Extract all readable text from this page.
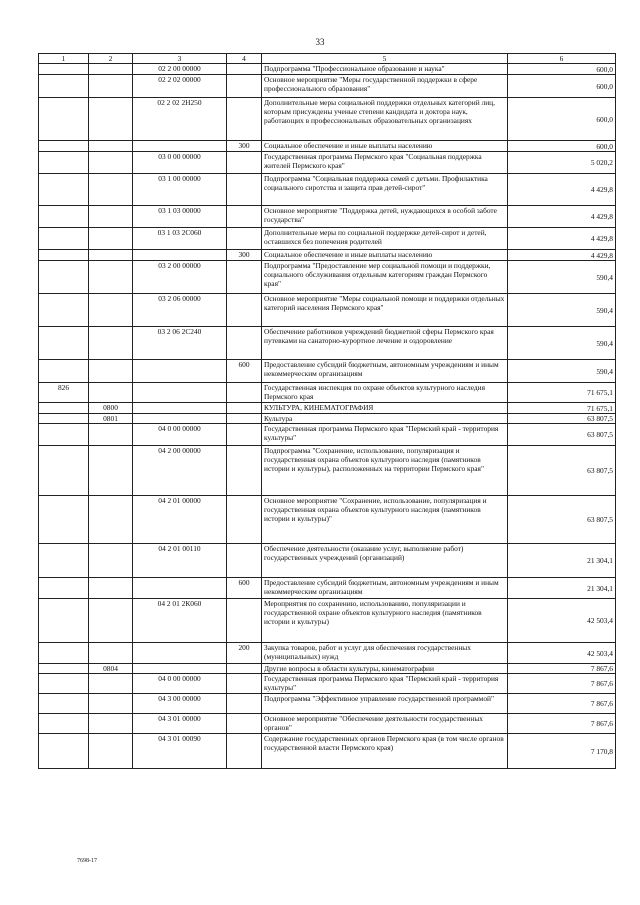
33
1	2	3	4	5	6
		02 2 00 00000		Подпрограмма "Профессиональное образование и наука"	600,0
		02 2 02 00000		Основное мероприятие "Меры государственной поддержки в сфере профессионального образования"	600,0
		02 2 02 2Н250		Дополнительные меры социальной поддержки отдельных категорий лиц, которым присуждены ученые степени кандидата и доктора наук, работающих в профессиональных образовательных организациях	600,0
			300	Социальное обеспечение и иные выплаты населению	600,0
		03 0 00 00000		Государственная программа Пермского края "Социальная поддержка жителей Пермского края"	5 020,2
		03 1 00 00000		Подпрограмма "Социальная поддержка семей с детьми. Профилактика социального сиротства и защита прав детей-сирот"	4 429,8
		03 1 03 00000		Основное мероприятие "Поддержка детей, нуждающихся в особой заботе государства"	4 429,8
		03 1 03 2С060		Дополнительные меры по социальной поддержке детей-сирот и детей, оставшихся без попечения родителей	4 429,8
			300	Социальное обеспечение и иные выплаты населению	4 429,8
		03 2 00 00000		Подпрограмма "Предоставление мер социальной помощи и поддержки, социального обслуживания отдельным категориям граждан Пермского края"	590,4
		03 2 06 00000		Основное мероприятие "Меры социальной помощи и поддержки отдельных категорий населения Пермского края"	590,4
		03 2 06 2С240		Обеспечение работников учреждений бюджетной сферы Пермского края путевками на санаторно-курортное лечение и оздоровление	590,4
			600	Предоставление субсидий бюджетным, автономным учреждениям и иным некоммерческим организациям	590,4
826				Государственная инспекция по охране объектов культурного наследия Пермского края	71 675,1
	0800			КУЛЬТУРА, КИНЕМАТОГРАФИЯ	71 675,1
	0801			Культура	63 807,5
		04 0 00 00000		Государственная программа Пермского края "Пермский край - территория культуры"	63 807,5
		04 2 00 00000		Подпрограмма "Сохранение, использование, популяризация и государственная охрана объектов культурного наследия (памятников истории и культуры), расположенных на территории Пермского края"	63 807,5
		04 2 01 00000		Основное мероприятие "Сохранение, использование, популяризация и государственная охрана объектов культурного наследия (памятников истории и культуры)"	63 807,5
		04 2 01 00110		Обеспечение деятельности (оказание услуг, выполнение работ) государственных учреждений (организаций)	21 304,1
			600	Предоставление субсидий бюджетным, автономным учреждениям и иным некоммерческим организациям	21 304,1
		04 2 01 2К060		Мероприятия по сохранению, использованию, популяризации и государственной охране объектов культурного наследия (памятников истории и культуры)	42 503,4
			200	Закупка товаров, работ и услуг для обеспечения государственных (муниципальных) нужд	42 503,4
	0804			Другие вопросы в области культуры, кинематографии	7 867,6
		04 0 00 00000		Государственная программа Пермского края "Пермский край - территория культуры"	7 867,6
		04 3 00 00000		Подпрограмма "Эффективное управление государственной программой"	7 867,6
		04 3 01 00000		Основное мероприятие "Обеспечение деятельности государственных органов"	7 867,6
		04 3 01 00090		Содержание государственных органов Пермского края (в том числе органов государственной власти Пермского края)	7 170,8
7698-17
